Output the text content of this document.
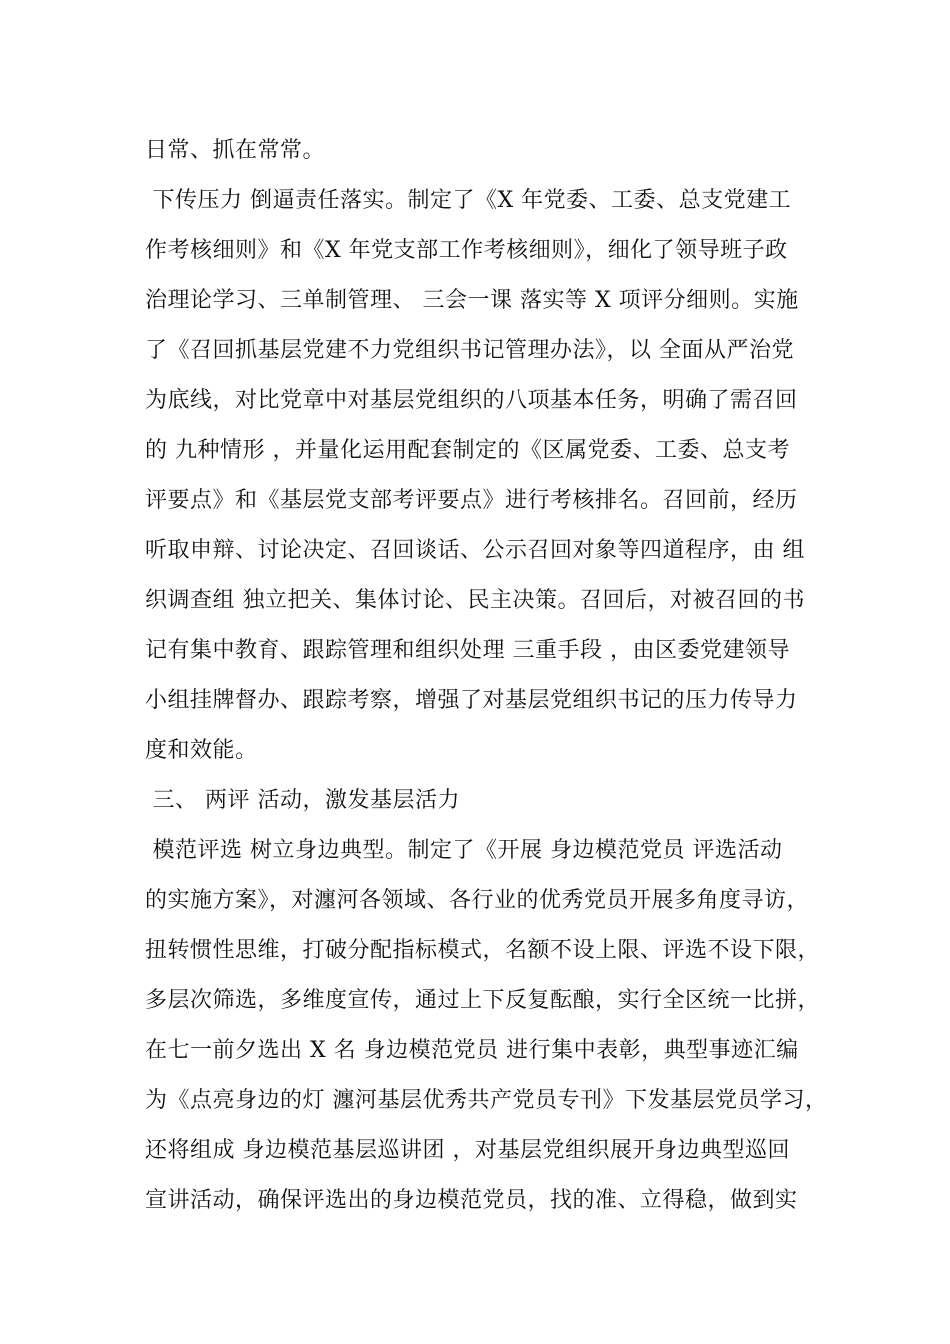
日常、抓在常常。

下传压力 倒逼责任落实。制定了《X 年党委、工委、总支党建工

作考核细则》和《X 年党支部工作考核细则》，细化了领导班子政

治理论学习、三单制管理、 三会一课 落实等 X 项评分细则。实施

了《召回抓基层党建不力党组织书记管理办法》，以 全面从严治党

为底线，对比党章中对基层党组织的八项基本任务，明确了需召回

的 九种情形 ，并量化运用配套制定的《区属党委、工委、总支考

评要点》和《基层党支部考评要点》进行考核排名。召回前，经历

听取申辩、讨论决定、召回谈话、公示召回对象等四道程序，由 组

织调查组 独立把关、集体讨论、民主决策。召回后，对被召回的书

记有集中教育、跟踪管理和组织处理 三重手段 ，由区委党建领导

小组挂牌督办、跟踪考察，增强了对基层党组织书记的压力传导力

度和效能。

三、 两评 活动，激发基层活力

模范评选 树立身边典型。制定了《开展 身边模范党员 评选活动

的实施方案》，对瀍河各领域、各行业的优秀党员开展多角度寻访，

扭转惯性思维，打破分配指标模式，名额不设上限、评选不设下限，

多层次筛选，多维度宣传，通过上下反复酝酿，实行全区统一比拼，

在七一前夕选出 X 名 身边模范党员 进行集中表彰，典型事迹汇编

为《点亮身边的灯 瀍河基层优秀共产党员专刊》下发基层党员学习，

还将组成 身边模范基层巡讲团 ，对基层党组织展开身边典型巡回

宣讲活动，确保评选出的身边模范党员，找的准、立得稳，做到实
